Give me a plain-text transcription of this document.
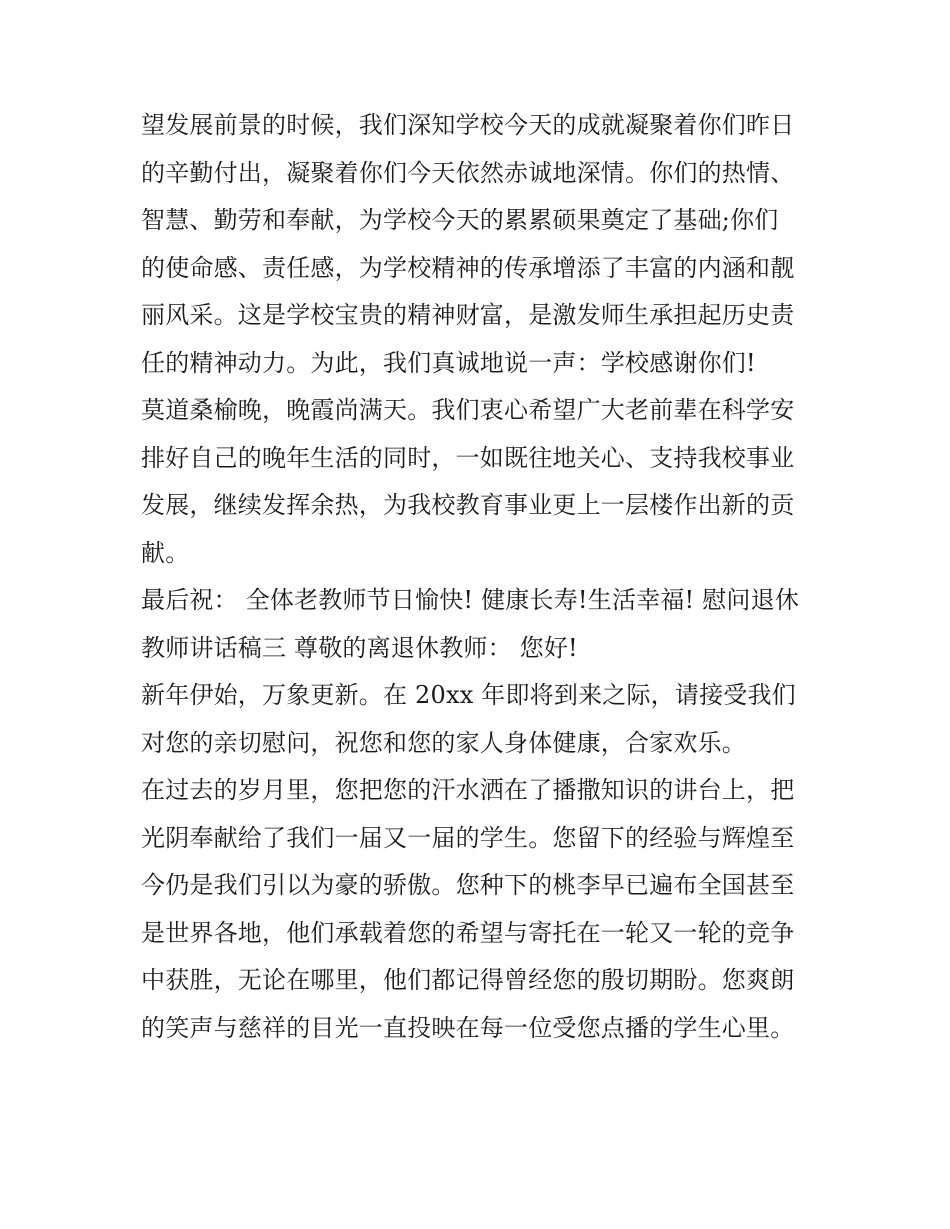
望发展前景的时候，我们深知学校今天的成就凝聚着你们昨日
的辛勤付出，凝聚着你们今天依然赤诚地深情。你们的热情、
智慧、勤劳和奉献，为学校今天的累累硕果奠定了基础;你们
的使命感、责任感，为学校精神的传承增添了丰富的内涵和靓
丽风采。这是学校宝贵的精神财富，是激发师生承担起历史责
任的精神动力。为此，我们真诚地说一声：学校感谢你们!
莫道桑榆晚，晚霞尚满天。我们衷心希望广大老前辈在科学安
排好自己的晚年生活的同时，一如既往地关心、支持我校事业
发展，继续发挥余热，为我校教育事业更上一层楼作出新的贡
献。
最后祝： 全体老教师节日愉快! 健康长寿!生活幸福! 慰问退休
教师讲话稿三 尊敬的离退休教师： 您好!
新年伊始，万象更新。在 20xx 年即将到来之际，请接受我们
对您的亲切慰问，祝您和您的家人身体健康，合家欢乐。
在过去的岁月里，您把您的汗水洒在了播撒知识的讲台上，把
光阴奉献给了我们一届又一届的学生。您留下的经验与辉煌至
今仍是我们引以为豪的骄傲。您种下的桃李早已遍布全国甚至
是世界各地，他们承载着您的希望与寄托在一轮又一轮的竞争
中获胜，无论在哪里，他们都记得曾经您的殷切期盼。您爽朗
的笑声与慈祥的目光一直投映在每一位受您点播的学生心里。
